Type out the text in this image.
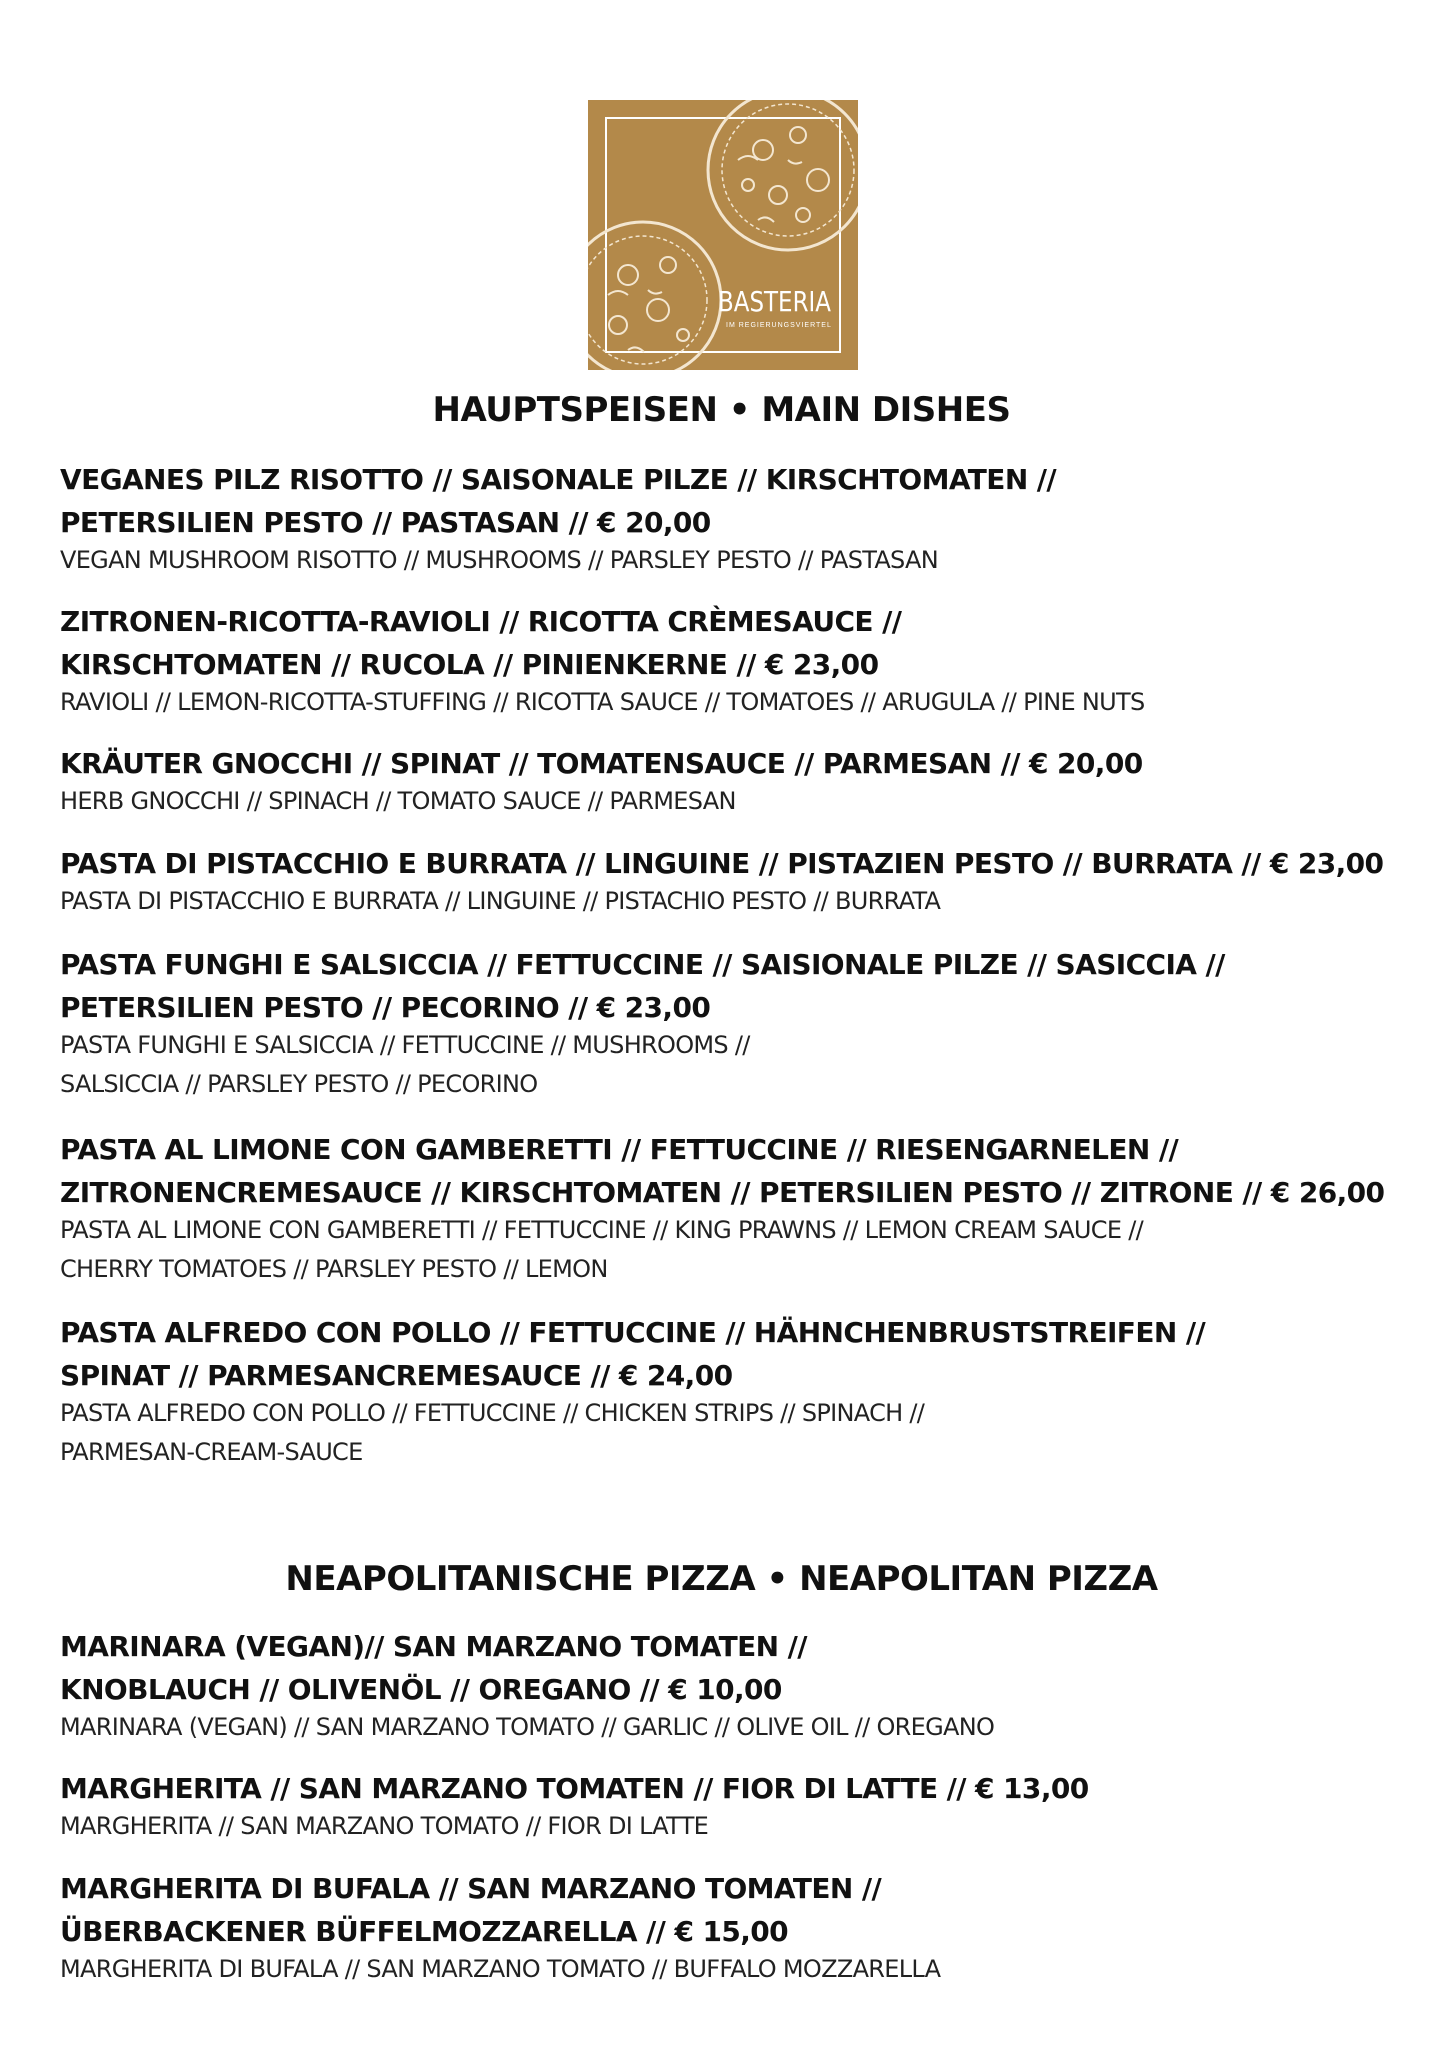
BASTERIA
IM REGIERUNGSVIERTEL
HAUPTSPEISEN • MAIN DISHES
VEGANES PILZ RISOTTO // SAISONALE PILZE // KIRSCHTOMATEN //
PETERSILIEN PESTO // PASTASAN // € 20,00
VEGAN MUSHROOM RISOTTO // MUSHROOMS // PARSLEY PESTO // PASTASAN
ZITRONEN-RICOTTA-RAVIOLI // RICOTTA CRÈMESAUCE //
KIRSCHTOMATEN // RUCOLA // PINIENKERNE // € 23,00
RAVIOLI // LEMON-RICOTTA-STUFFING // RICOTTA SAUCE // TOMATOES // ARUGULA // PINE NUTS
KRÄUTER GNOCCHI // SPINAT // TOMATENSAUCE // PARMESAN // € 20,00
HERB GNOCCHI // SPINACH // TOMATO SAUCE // PARMESAN
PASTA DI PISTACCHIO E BURRATA // LINGUINE // PISTAZIEN PESTO // BURRATA // € 23,00
PASTA DI PISTACCHIO E BURRATA // LINGUINE // PISTACHIO PESTO // BURRATA
PASTA FUNGHI E SALSICCIA // FETTUCCINE // SAISIONALE PILZE // SASICCIA //
PETERSILIEN PESTO // PECORINO // € 23,00
PASTA FUNGHI E SALSICCIA // FETTUCCINE // MUSHROOMS //
SALSICCIA // PARSLEY PESTO // PECORINO
PASTA AL LIMONE CON GAMBERETTI // FETTUCCINE // RIESENGARNELEN //
ZITRONENCREMESAUCE // KIRSCHTOMATEN // PETERSILIEN PESTO // ZITRONE // € 26,00
PASTA AL LIMONE CON GAMBERETTI // FETTUCCINE // KING PRAWNS // LEMON CREAM SAUCE //
CHERRY TOMATOES // PARSLEY PESTO // LEMON
PASTA ALFREDO CON POLLO // FETTUCCINE // HÄHNCHENBRUSTSTREIFEN //
SPINAT // PARMESANCREMESAUCE // € 24,00
PASTA ALFREDO CON POLLO // FETTUCCINE // CHICKEN STRIPS // SPINACH //
PARMESAN-CREAM-SAUCE
NEAPOLITANISCHE PIZZA • NEAPOLITAN PIZZA
MARINARA (VEGAN)// SAN MARZANO TOMATEN //
KNOBLAUCH // OLIVENÖL // OREGANO // € 10,00
MARINARA (VEGAN) // SAN MARZANO TOMATO // GARLIC // OLIVE OIL // OREGANO
MARGHERITA // SAN MARZANO TOMATEN // FIOR DI LATTE // € 13,00
MARGHERITA // SAN MARZANO TOMATO // FIOR DI LATTE
MARGHERITA DI BUFALA // SAN MARZANO TOMATEN //
ÜBERBACKENER BÜFFELMOZZARELLA // € 15,00
MARGHERITA DI BUFALA // SAN MARZANO TOMATO // BUFFALO MOZZARELLA
